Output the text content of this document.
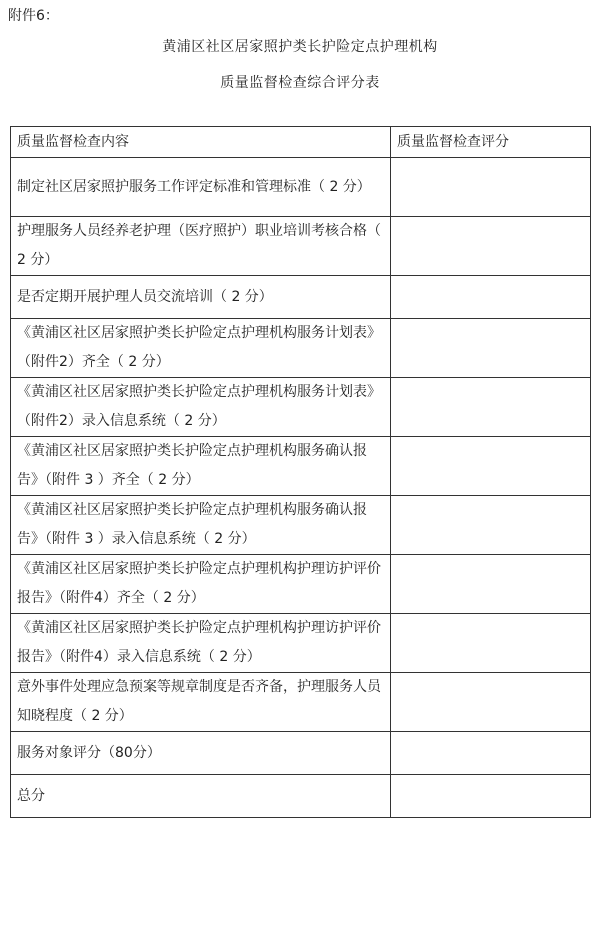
附件6：
黄浦区社区居家照护类长护险定点护理机构
质量监督检查综合评分表
质量监督检查内容	质量监督检查评分
制定社区居家照护服务工作评定标准和管理标准（ 2 分）	
护理服务人员经养老护理（医疗照护）职业培训考核合格（ 2 分）	
是否定期开展护理人员交流培训（ 2 分）	
《黄浦区社区居家照护类长护险定点护理机构服务计划表》（附件2）齐全（ 2 分）	
《黄浦区社区居家照护类长护险定点护理机构服务计划表》（附件2）录入信息系统（ 2 分）	
《黄浦区社区居家照护类长护险定点护理机构服务确认报告》（附件 3 ）齐全（ 2 分）	
《黄浦区社区居家照护类长护险定点护理机构服务确认报告》（附件 3 ）录入信息系统（ 2 分）	
《黄浦区社区居家照护类长护险定点护理机构护理访护评价报告》（附件4）齐全（ 2 分）	
《黄浦区社区居家照护类长护险定点护理机构护理访护评价报告》（附件4）录入信息系统（ 2 分）	
意外事件处理应急预案等规章制度是否齐备，护理服务人员知晓程度（ 2 分）	
服务对象评分（80分）	
总分	
